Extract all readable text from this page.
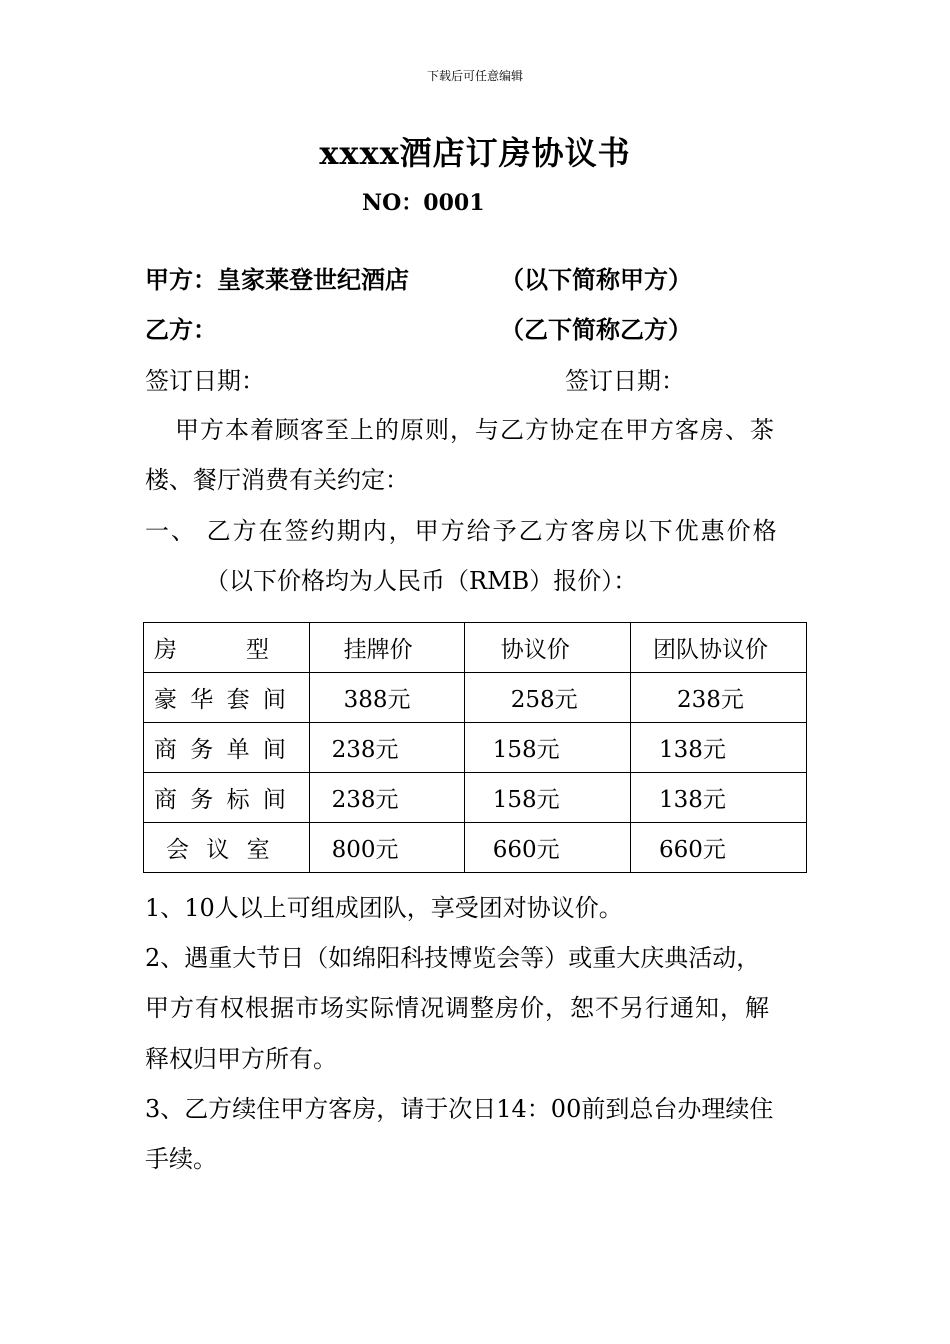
下载后可任意编辑
xxxx酒店订房协议书
NO：0001
甲方：皇家莱登世纪酒店	（以下简称甲方）
乙方：	（乙下简称乙方）
签订日期：	签订日期：
甲方本着顾客至上的原则，与乙方协定在甲方客房、茶
楼、餐厅消费有关约定：
一、 乙方在签约期内，甲方给予乙方客房以下优惠价格
（以下价格均为人民币（RMB）报价）：
房　　　型	挂牌价	协议价	团队协议价
豪 华 套 间	388元	258元	238元
商 务 单 间	238元	158元	138元
商 务 标 间	238元	158元	138元
会 议 室	800元	660元	660元
1、10人以上可组成团队，享受团对协议价。
2、遇重大节日（如绵阳科技博览会等）或重大庆典活动，
甲方有权根据市场实际情况调整房价，恕不另行通知，解
释权归甲方所有。
3、乙方续住甲方客房，请于次日14：00前到总台办理续住
手续。
